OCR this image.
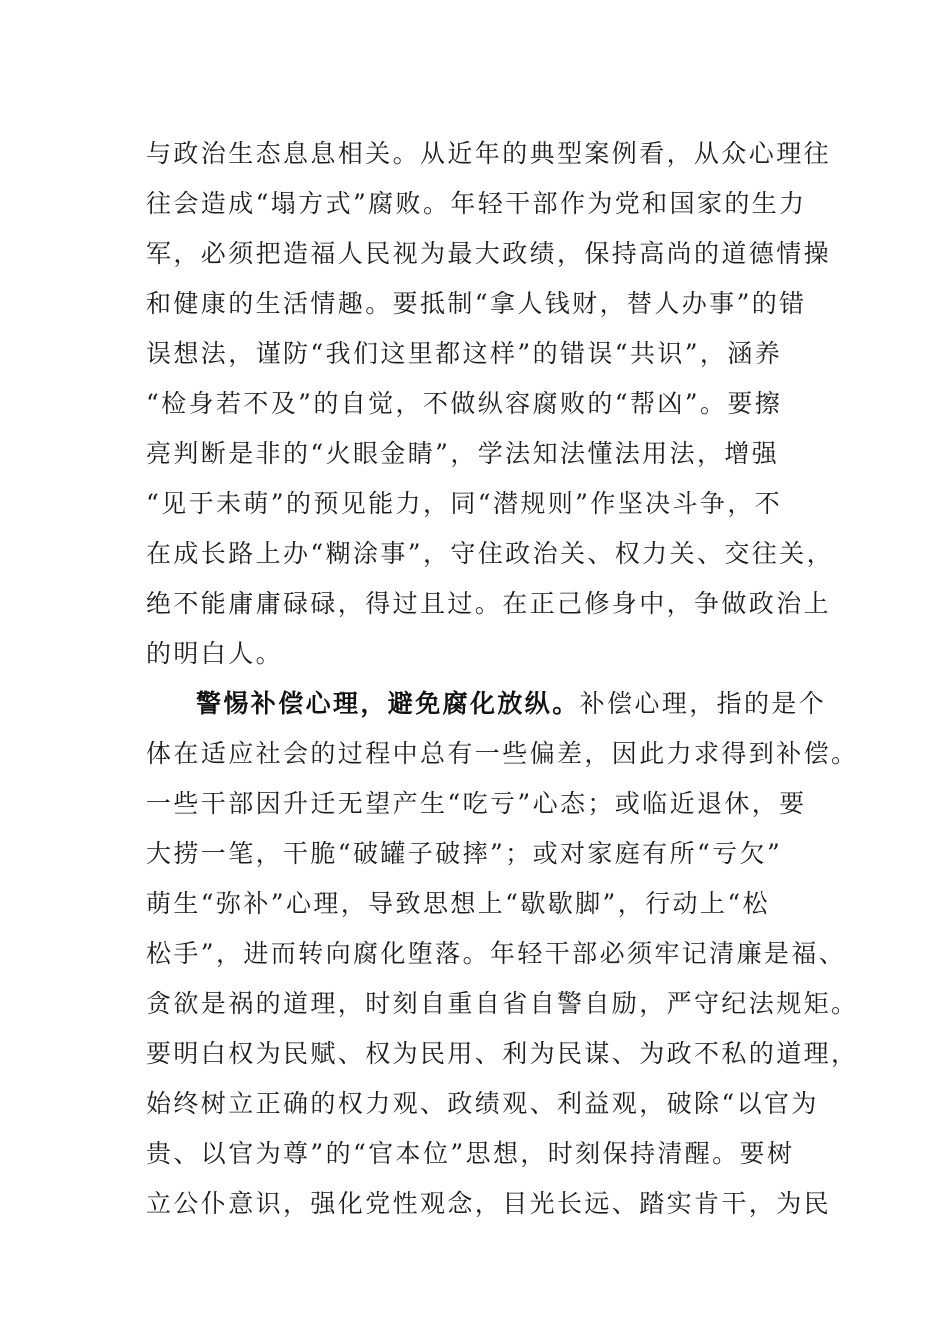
与政治生态息息相关。从近年的典型案例看，从众心理往
往会造成“塌方式”腐败。年轻干部作为党和国家的生力
军，必须把造福人民视为最大政绩，保持高尚的道德情操
和健康的生活情趣。要抵制“拿人钱财，替人办事”的错
误想法，谨防“我们这里都这样”的错误“共识”，涵养
“检身若不及”的自觉，不做纵容腐败的“帮凶”。要擦
亮判断是非的“火眼金睛”，学法知法懂法用法，增强
“见于未萌”的预见能力，同“潜规则”作坚决斗争，不
在成长路上办“糊涂事”，守住政治关、权力关、交往关，
绝不能庸庸碌碌，得过且过。在正己修身中，争做政治上
的明白人。
警惕补偿心理，避免腐化放纵。补偿心理，指的是个
体在适应社会的过程中总有一些偏差，因此力求得到补偿。
一些干部因升迁无望产生“吃亏”心态；或临近退休，要
大捞一笔，干脆“破罐子破摔”；或对家庭有所“亏欠”
萌生“弥补”心理，导致思想上“歇歇脚”，行动上“松
松手”，进而转向腐化堕落。年轻干部必须牢记清廉是福、
贪欲是祸的道理，时刻自重自省自警自励，严守纪法规矩。
要明白权为民赋、权为民用、利为民谋、为政不私的道理，
始终树立正确的权力观、政绩观、利益观，破除“以官为
贵、以官为尊”的“官本位”思想，时刻保持清醒。要树
立公仆意识，强化党性观念，目光长远、踏实肯干，为民
